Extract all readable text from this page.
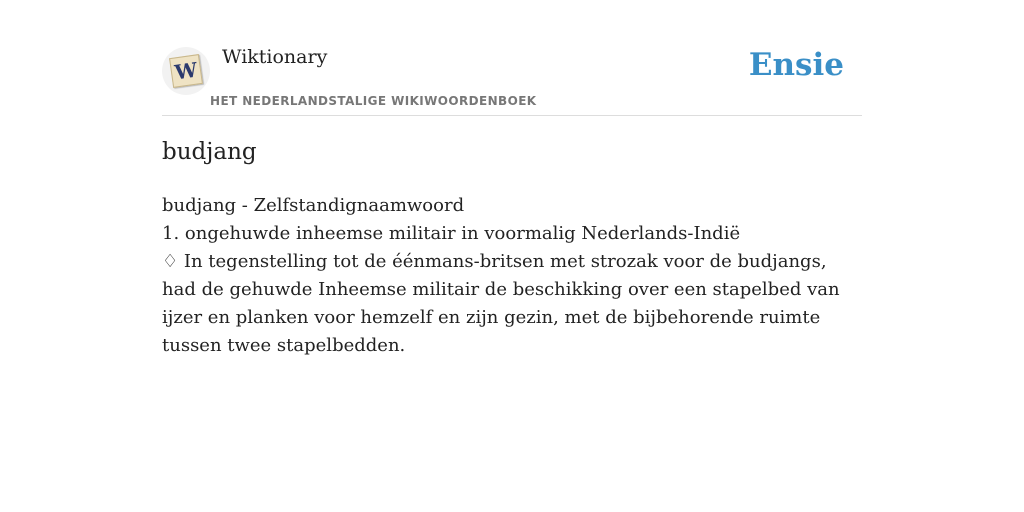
W
Wiktionary
HET NEDERLANDSTALIGE WIKIWOORDENBOEK
Ensie
budjang

budjang - Zelfstandignaamwoord

1. ongehuwde inheemse militair in voormalig Nederlands-Indië

♢ In tegenstelling tot de éénmans-britsen met strozak voor de budjangs, had de gehuwde Inheemse militair de beschikking over een stapelbed van ijzer en planken voor hemzelf en zijn gezin, met de bijbehorende ruimte tussen twee stapelbedden.
